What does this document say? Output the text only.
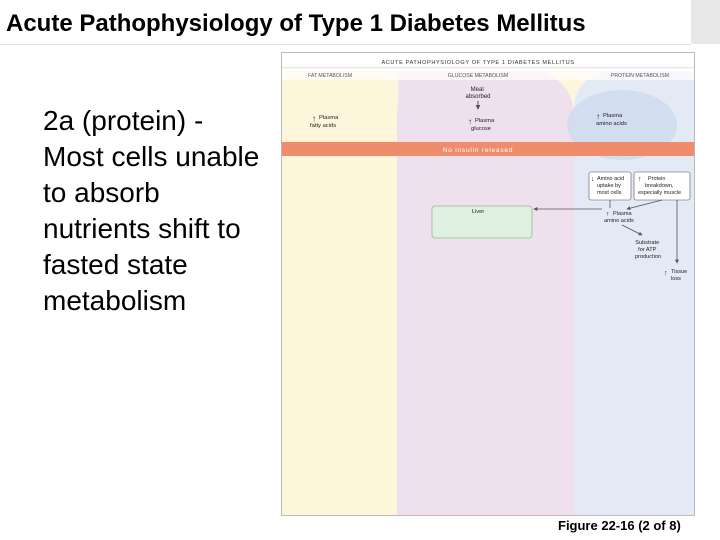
Acute Pathophysiology of Type 1 Diabetes Mellitus
2a (protein) - Most cells unable to absorb nutrients shift to fasted state metabolism
ACUTE PATHOPHYSIOLOGY OF TYPE 1 DIABETES MELLITUS
FAT METABOLISM	GLUCOSE METABOLISM	PROTEIN METABOLISM
Meal absorbed
↑ Plasma fatty acids	↑ Plasma glucose
↑ Plasma amino acids
No insulin released
↓ Amino acid uptake by most cells
↑	Protein breakdown, especially muscle
Liver	↑ Plasma amino acids
Substrate for ATP production
↑ Tissue loss
Figure 22-16 (2 of 8)
